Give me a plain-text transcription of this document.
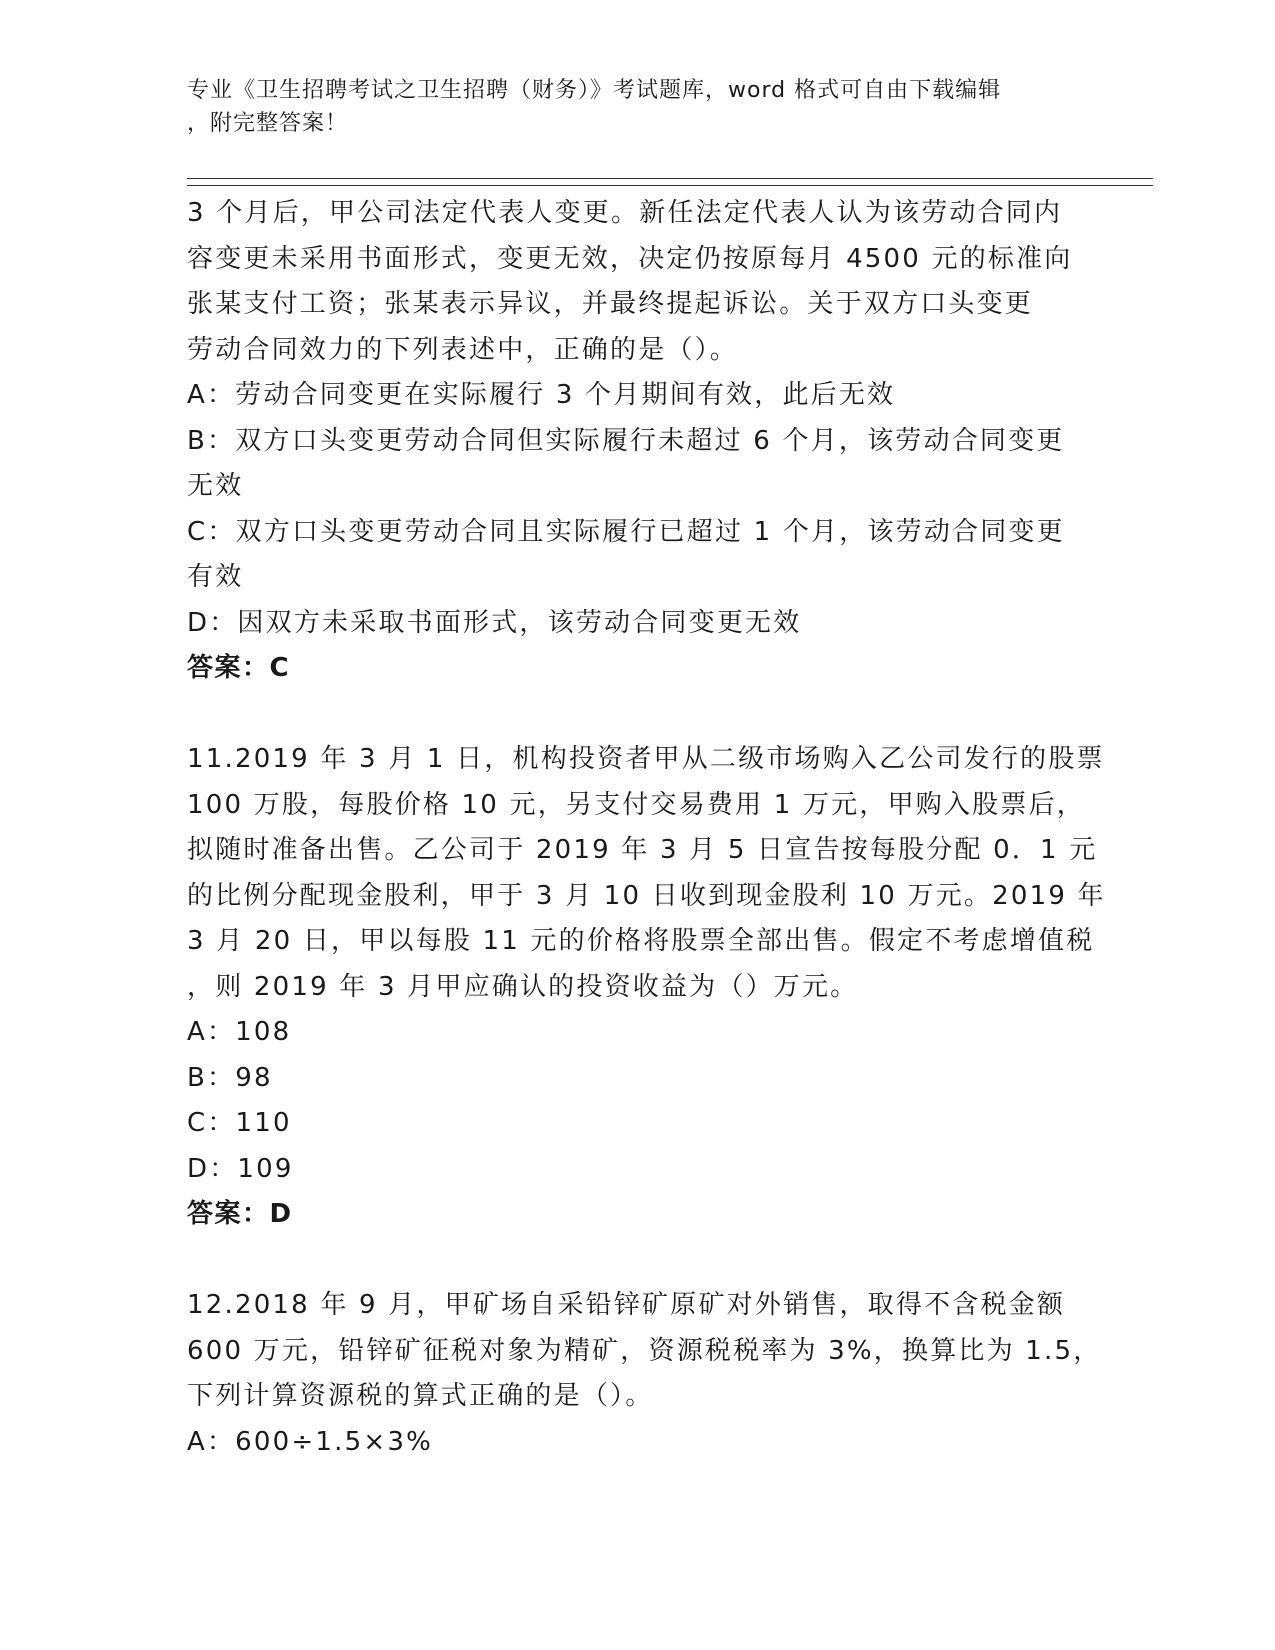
专业《卫生招聘考试之卫生招聘（财务）》考试题库，word 格式可自由下载编辑
，附完整答案！
3 个月后，甲公司法定代表人变更。新任法定代表人认为该劳动合同内
容变更未采用书面形式，变更无效，决定仍按原每月 4500 元的标准向
张某支付工资；张某表示异议，并最终提起诉讼。关于双方口头变更
劳动合同效力的下列表述中，正确的是（）。
A：劳动合同变更在实际履行 3 个月期间有效，此后无效
B：双方口头变更劳动合同但实际履行未超过 6 个月，该劳动合同变更
无效
C：双方口头变更劳动合同且实际履行已超过 1 个月，该劳动合同变更
有效
D：因双方未采取书面形式，该劳动合同变更无效
答案：C
11.2019 年 3 月 1 日，机构投资者甲从二级市场购入乙公司发行的股票
100 万股，每股价格 10 元，另支付交易费用 1 万元，甲购入股票后，
拟随时准备出售。乙公司于 2019 年 3 月 5 日宣告按每股分配 0．1 元
的比例分配现金股利，甲于 3 月 10 日收到现金股利 10 万元。2019 年
3 月 20 日，甲以每股 11 元的价格将股票全部出售。假定不考虑增值税
，则 2019 年 3 月甲应确认的投资收益为（）万元。
A：108
B：98
C：110
D：109
答案：D
12.2018 年 9 月，甲矿场自采铅锌矿原矿对外销售，取得不含税金额
600 万元，铅锌矿征税对象为精矿，资源税税率为 3%，换算比为 1.5，
下列计算资源税的算式正确的是（）。
A：600÷1.5×3%
